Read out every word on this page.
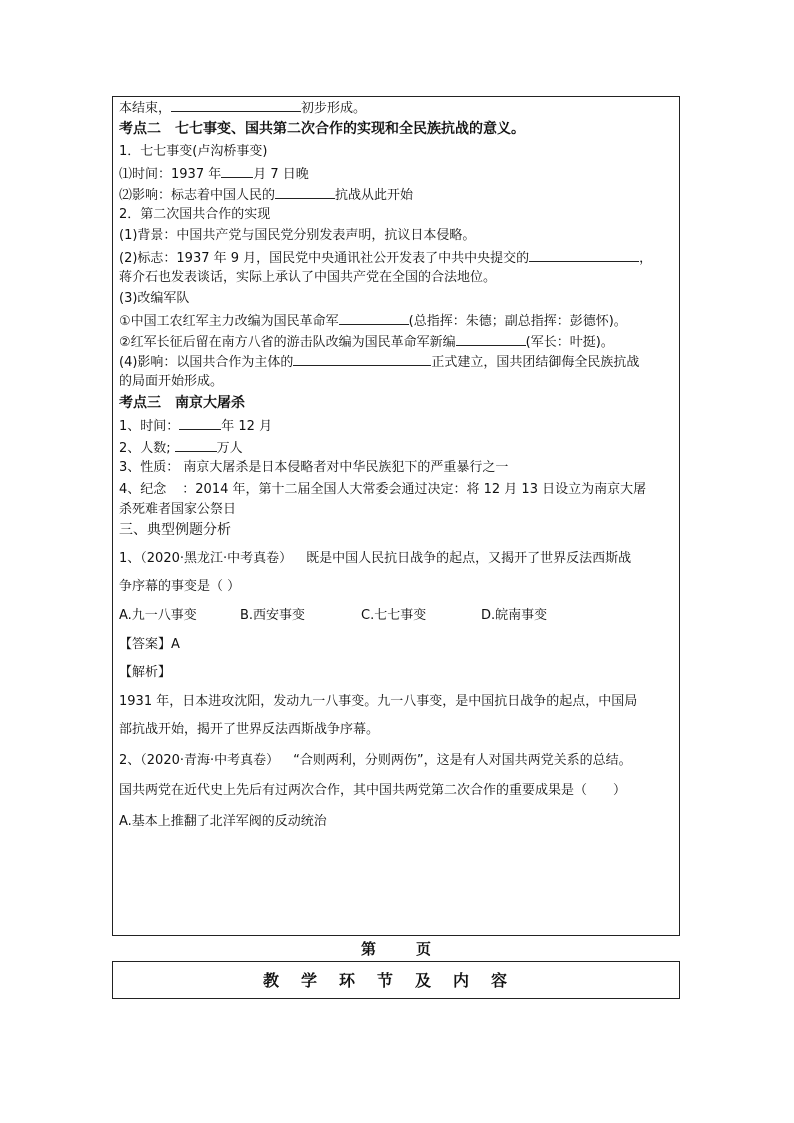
本结束，	初步形成。
考点二　七七事变、国共第二次合作的实现和全民族抗战的意义。
1．七七事变(卢沟桥事变)
⑴时间：1937 年 月 7 日晚
⑵影响：标志着中国人民的	抗战从此开始
2．第二次国共合作的实现
(1)背景：中国共产党与国民党分别发表声明，抗议日本侵略。
(2)标志：1937 年 9 月，国民党中央通讯社公开发表了中共中央提交的	，
蒋介石也发表谈话，实际上承认了中国共产党在全国的合法地位。
(3)改编军队
①中国工农红军主力改编为国民革命军	(总指挥：朱德；副总指挥：彭德怀)。
②红军长征后留在南方八省的游击队改编为国民革命军新编	(军长：叶挺)。
(4)影响：以国共合作为主体的	正式建立，国共团结御侮全民族抗战
的局面开始形成。
考点三　南京大屠杀
1、时间：	年 12 月
2、人数;	万人
3、性质： 南京大屠杀是日本侵略者对中华民族犯下的严重暴行之一
4、纪念 ：2014 年，第十二届全国人大常委会通过决定：将 12 月 13 日设立为南京大屠
杀死难者国家公祭日
三、典型例题分析
1、（2020·黑龙江·中考真卷） 既是中国人民抗日战争的起点，又揭开了世界反法西斯战
争序幕的事变是（ ）
A.九一八事变	B.西安事变	C.七七事变	D.皖南事变
【答案】A
【解析】
1931 年，日本进攻沈阳，发动九一八事变。九一八事变，是中国抗日战争的起点，中国局
部抗战开始，揭开了世界反法西斯战争序幕。
2、（2020·青海·中考真卷） “合则两利，分则两伤”，这是有人对国共两党关系的总结。
国共两党在近代史上先后有过两次合作，其中国共两党第二次合作的重要成果是（　　）
A.基本上推翻了北洋军阀的反动统治
第	页
教学环节及内容
